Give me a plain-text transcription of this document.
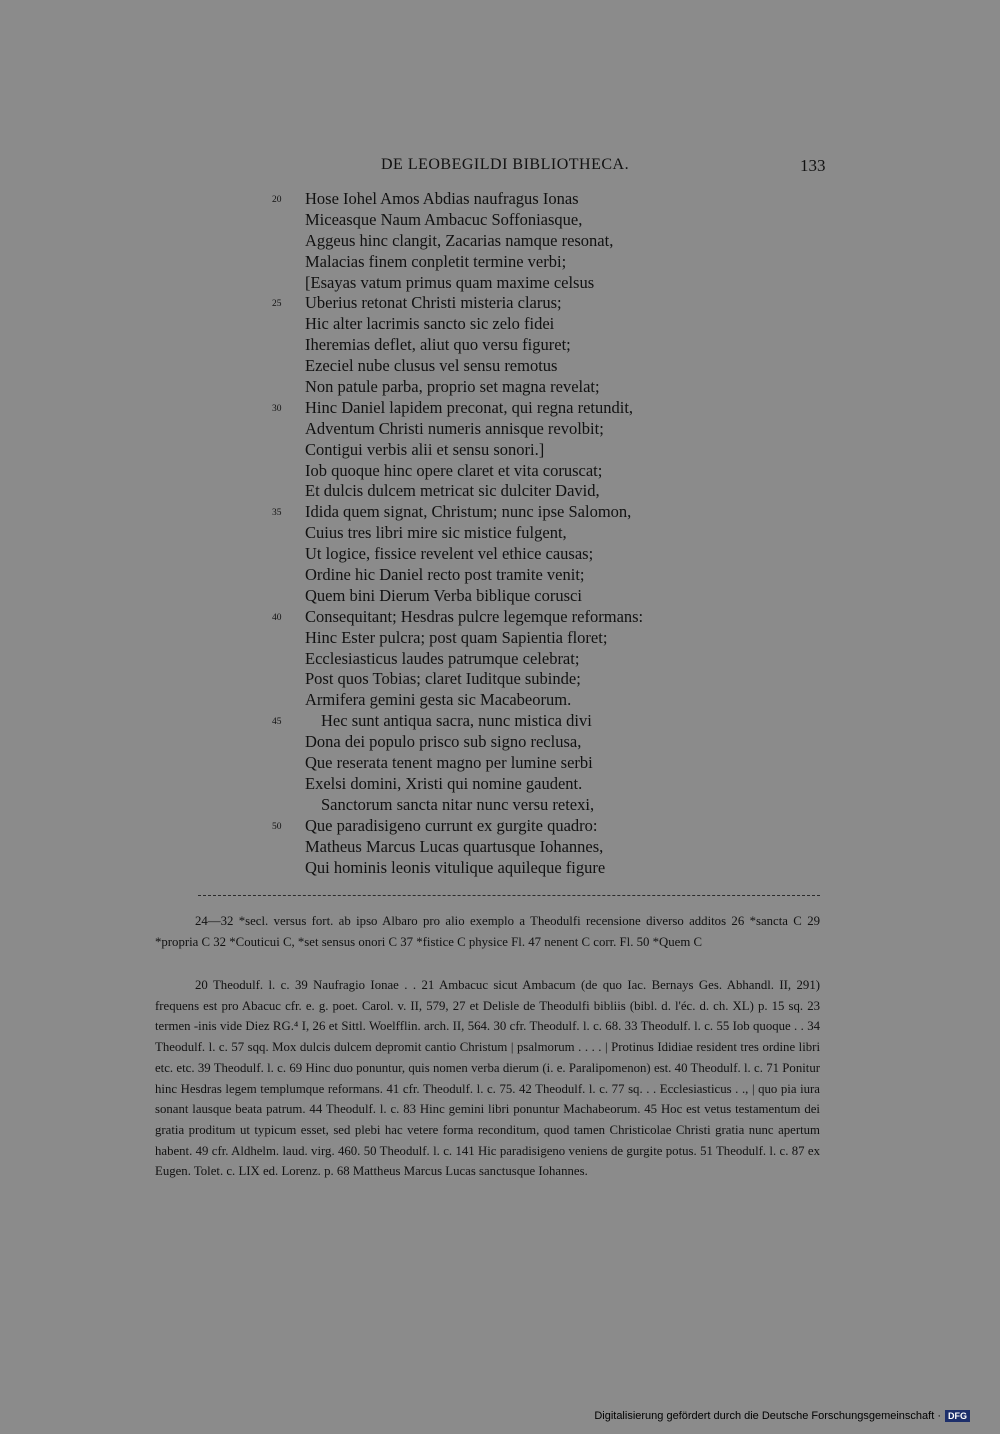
DE LEOBEGILDI BIBLIOTHECA.	133
20	Hose Iohel Amos Abdias naufragus Ionas
Miceasque Naum Ambacuc Soffoniasque,
Aggeus hinc clangit, Zacarias namque resonat,
Malacias finem conpletit termine verbi;
[Esayas vatum primus quam maxime celsus
25	Uberius retonat Christi misteria clarus;
Hic alter lacrimis sancto sic zelo fidei
Iheremias deflet, aliut quo versu figuret;
Ezeciel nube clusus vel sensu remotus
Non patule parba, proprio set magna revelat;
30	Hinc Daniel lapidem preconat, qui regna retundit,
Adventum Christi numeris annisque revolbit;
Contigui verbis alii et sensu sonori.]
Iob quoque hinc opere claret et vita coruscat;
Et dulcis dulcem metricat sic dulciter David,
35	Idida quem signat, Christum; nunc ipse Salomon,
Cuius tres libri mire sic mistice fulgent,
Ut logice, fissice revelent vel ethice causas;
Ordine hic Daniel recto post tramite venit;
Quem bini Dierum Verba biblique corusci
40	Consequitant; Hesdras pulcre legemque reformans:
Hinc Ester pulcra; post quam Sapientia floret;
Ecclesiasticus laudes patrumque celebrat;
Post quos Tobias; claret Iuditque subinde;
Armifera gemini gesta sic Macabeorum.
45	Hec sunt antiqua sacra, nunc mistica divi
Dona dei populo prisco sub signo reclusa,
Que reserata tenent magno per lumine serbi
Exelsi domini, Xristi qui nomine gaudent.
Sanctorum sancta nitar nunc versu retexi,
50	Que paradisigeno currunt ex gurgite quadro:
Matheus Marcus Lucas quartusque Iohannes,
Qui hominis leonis vitulique aquileque figure
24—32 *secl. versus fort. ab ipso Albaro pro alio exemplo a Theodulfi recensione diverso additos 26 *sancta C 29 *propria C 32 *Couticui C, *set sensus onori C 37 *fistice C physice Fl. 47 nenent C corr. Fl. 50 *Quem C
20 Theodulf. l. c. 39 Naufragio Ionae . . 21 Ambacuc sicut Ambacum (de quo Iac. Bernays Ges. Abhandl. II, 291) frequens est pro Abacuc cfr. e. g. poet. Carol. v. II, 579, 27 et Delisle de Theodulfi bibliis (bibl. d. l'éc. d. ch. XL) p. 15 sq. 23 termen -inis vide Diez RG.⁴ I, 26 et Sittl. Woelfflin. arch. II, 564. 30 cfr. Theodulf. l. c. 68. 33 Theodulf. l. c. 55 Iob quoque . . 34 Theodulf. l. c. 57 sqq. Mox dulcis dulcem depromit cantio Christum | psalmorum . . . . | Protinus Ididiae resident tres ordine libri etc. etc. 39 Theodulf. l. c. 69 Hinc duo ponuntur, quis nomen verba dierum (i. e. Paralipomenon) est. 40 Theodulf. l. c. 71 Ponitur hinc Hesdras legem templumque reformans. 41 cfr. Theodulf. l. c. 75. 42 Theodulf. l. c. 77 sq. . . Ecclesiasticus . ., | quo pia iura sonant lausque beata patrum. 44 Theodulf. l. c. 83 Hinc gemini libri ponuntur Machabeorum. 45 Hoc est vetus testamentum dei gratia proditum ut typicum esset, sed plebi hac vetere forma reconditum, quod tamen Christicolae Christi gratia nunc apertum habent. 49 cfr. Aldhelm. laud. virg. 460. 50 Theodulf. l. c. 141 Hic paradisigeno veniens de gurgite potus. 51 Theodulf. l. c. 87 ex Eugen. Tolet. c. LIX ed. Lorenz. p. 68 Mattheus Marcus Lucas sanctusque Iohannes.
Digitalisierung gefördert durch die Deutsche Forschungsgemeinschaft · DFG
